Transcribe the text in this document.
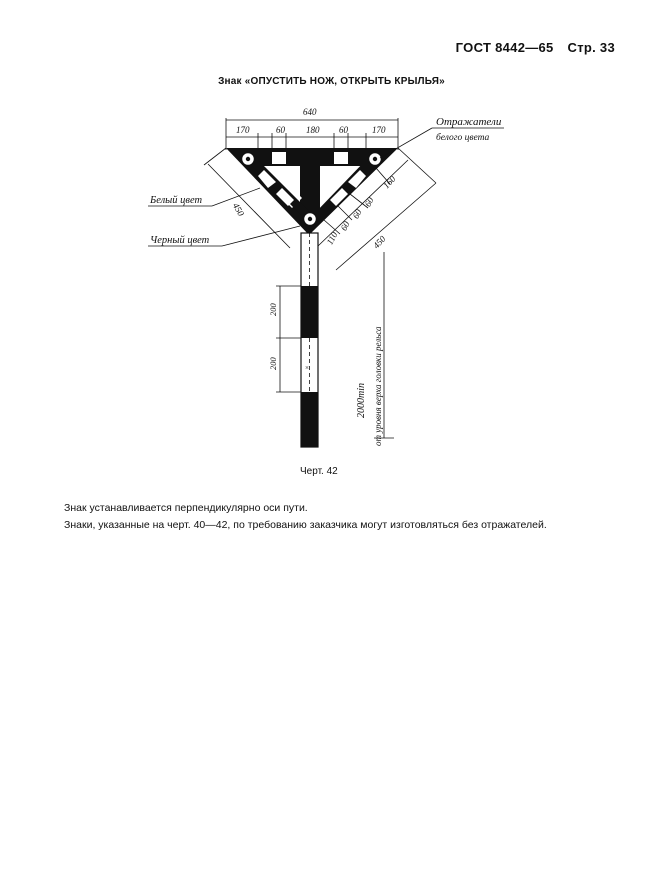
ГОСТ 8442—65 Стр. 33
Знак «ОПУСТИТЬ НОЖ, ОТКРЫТЬ КРЫЛЬЯ»
×
640
170	60 180 60	170
450
160
60
60
60
110	450
200
200
2000min от уровня верха головки рельса
Отражатели
белого цвета
Белый цвет
Черный цвет
Черт. 42

Знак устанавливается перпендикулярно оси пути.

Знаки, указанные на черт. 40—42, по требованию заказчика могут изготовляться без отражателей.
